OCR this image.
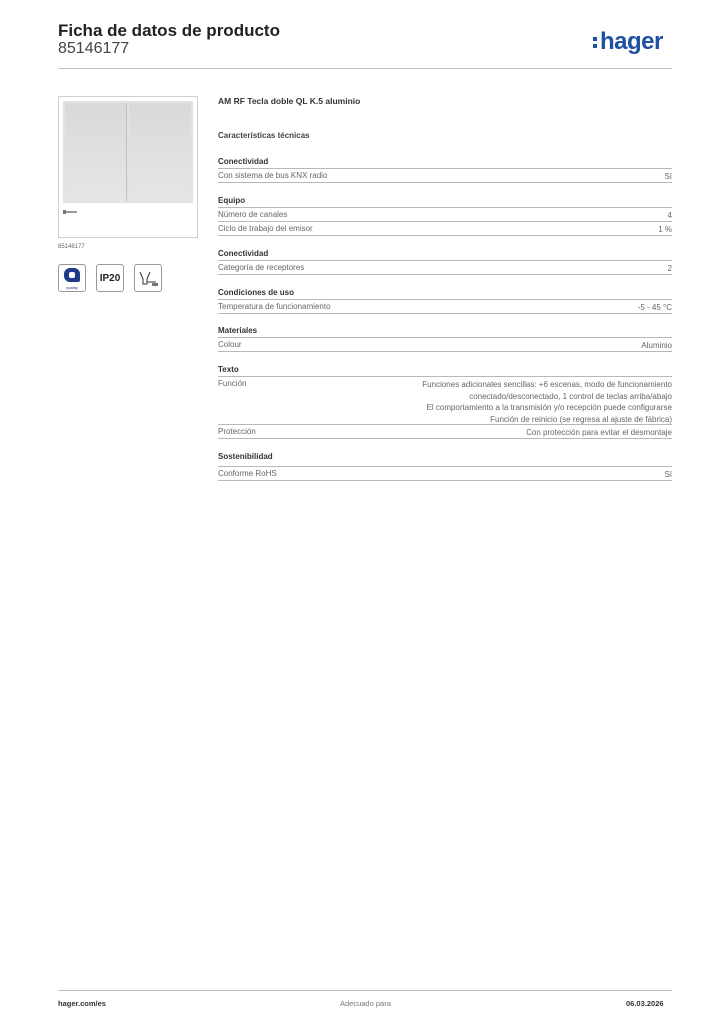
Ficha de datos de producto
85146177	hager
85146177
quality
IP20
AM RF Tecla doble QL K.5 aluminio
Características técnicas
Conectividad
Con sistema de bus KNX radio	Sí
Equipo
Número de canales	4
Ciclo de trabajo del emisor	1 %
Conectividad
Categoría de receptores	2
Condiciones de uso
Temperatura de funcionamiento	-5 - 45 °C
Materiales
Colour	Aluminio
Texto
Función	Funciones adicionales sencillas: +6 escenas, modo de funcionamiento
conectado/desconectado, 1 control de teclas arriba/abajo
El comportamiento a la transmisión y/o recepción puede configurarse
Función de reinicio (se regresa al ajuste de fábrica)
Protección	Con protección para evitar el desmontaje
Sostenibilidad
Conforme RoHS	Sí
hager.com/es	Adecuado para	06.03.2026
